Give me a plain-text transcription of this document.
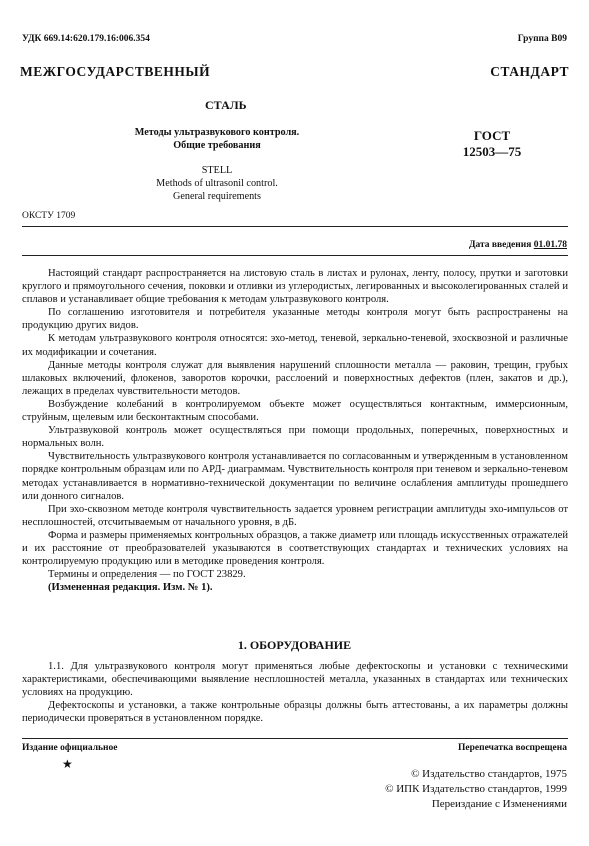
УДК 669.14:620.179.16:006.354	Группа В09
МЕЖГОСУДАРСТВЕННЫЙ СТАНДАРТ
СТАЛЬ
Методы ультразвукового контроля.
Общие требования
STELL
Methods of ultrasonil control.
General requirements
ГОСТ
12503—75
ОКСТУ 1709
Дата введения 01.01.78

Настоящий стандарт распространяется на листовую сталь в листах и рулонах, ленту, полосу, прутки и заготовки круглого и прямоугольного сечения, поковки и отливки из углеродистых, легированных и высоколегированных сталей и сплавов и устанавливает общие требования к методам ультразвукового контроля.

По соглашению изготовителя и потребителя указанные методы контроля могут быть распространены на продукцию других видов.

К методам ультразвукового контроля относятся: эхо-метод, теневой, зеркально-теневой, эхосквозной и различные их модификации и сочетания.

Данные методы контроля служат для выявления нарушений сплошности металла — раковин, трещин, грубых шлаковых включений, флокенов, заворотов корочки, расслоений и поверхностных дефектов (плен, закатов и др.), лежащих в пределах чувствительности методов.

Возбуждение колебаний в контролируемом объекте может осуществляться контактным, иммерсионным, струйным, щелевым или бесконтактным способами.

Ультразвуковой контроль может осуществляться при помощи продольных, поперечных, поверхностных и нормальных волн.

Чувствительность ультразвукового контроля устанавливается по согласованным и утвержденным в установленном порядке контрольным образцам или по АРД- диаграммам. Чувствительность контроля при теневом и зеркально-теневом методах устанавливается в нормативно-технической документации по величине ослабления амплитуды прошедшего или донного сигналов.

При эхо-сквозном методе контроля чувствительность задается уровнем регистрации амплитуды эхо-импульсов от несплошностей, отсчитываемым от начального уровня, в дБ.

Форма и размеры применяемых контрольных образцов, а также диаметр или площадь искусственных отражателей и их расстояние от преобразователей указываются в соответствующих стандартах и технических условиях на контролируемую продукцию или в методике проведения контроля.

Термины и определения — по ГОСТ 23829.

(Измененная редакция. Изм. № 1).

1. ОБОРУДОВАНИЕ

1.1. Для ультразвукового контроля могут применяться любые дефектоскопы и установки с техническими характеристиками, обеспечивающими выявление несплошностей металла, указанных в стандартах или технических условиях на продукцию.

Дефектоскопы и установки, а также контрольные образцы должны быть аттестованы, а их параметры должны периодически проверяться в установленном порядке.

Издание официальное	Перепечатка воспрещена
★
© Издательство стандартов, 1975
© ИПК Издательство стандартов, 1999
Переиздание с Изменениями
